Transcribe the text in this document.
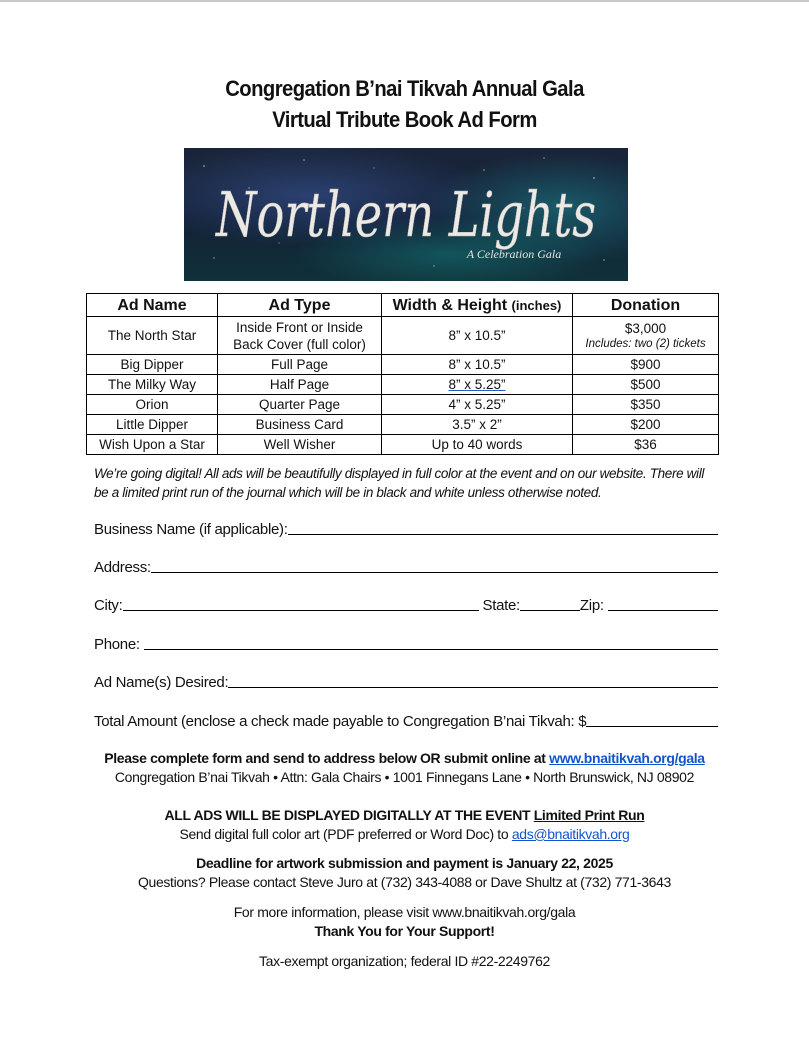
Congregation B’nai Tikvah Annual Gala
Virtual Tribute Book Ad Form
Northern Lights
A Celebration Gala
Ad Name	Ad Type	Width & Height (inches)	Donation
The North Star	Inside Front or Inside
Back Cover (full color)	8” x 10.5”	$3,000
Includes: two (2) tickets

Big Dipper	Full Page	8” x 10.5”	$900
The Milky Way	Half Page	8” x 5.25”	$500
Orion	Quarter Page	4” x 5.25”	$350
Little Dipper	Business Card	3.5” x 2”	$200
Wish Upon a Star	Well Wisher	Up to 40 words	$36
We’re going digital! All ads will be beautifully displayed in full color at the event and on our website. There will be a limited print run of the journal which will be in black and white unless otherwise noted.
Business Name (if applicable):
Address:
City:	State:	Zip:
Phone:
Ad Name(s) Desired:
Total Amount (enclose a check made payable to Congregation B’nai Tikvah: $
Please complete form and send to address below OR submit online at www.bnaitikvah.org/gala
Congregation B’nai Tikvah • Attn: Gala Chairs • 1001 Finnegans Lane • North Brunswick, NJ 08902
ALL ADS WILL BE DISPLAYED DIGITALLY AT THE EVENT Limited Print Run
Send digital full color art (PDF preferred or Word Doc) to ads@bnaitikvah.org
Deadline for artwork submission and payment is January 22, 2025
Questions? Please contact Steve Juro at (732) 343-4088 or Dave Shultz at (732) 771-3643
For more information, please visit www.bnaitikvah.org/gala
Thank You for Your Support!
Tax-exempt organization; federal ID #22-2249762
